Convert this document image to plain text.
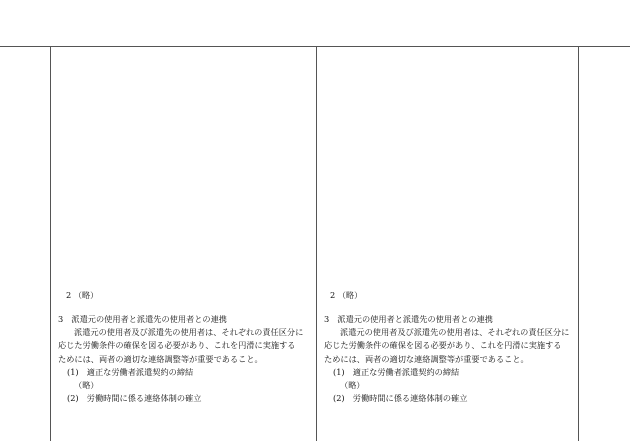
2 （略）
3　派遣元の使用者と派遣先の使用者との連携
派遣元の使用者及び派遣先の使用者は、それぞれの責任区分に
応じた労働条件の確保を図る必要があり、これを円滑に実施する
ためには、両者の適切な連絡調整等が重要であること。
(1)　適正な労働者派遣契約の締結
（略）
(2)　労働時間に係る連絡体制の確立
2 （略）
3　派遣元の使用者と派遣先の使用者との連携
派遣元の使用者及び派遣先の使用者は、それぞれの責任区分に
応じた労働条件の確保を図る必要があり、これを円滑に実施する
ためには、両者の適切な連絡調整等が重要であること。
(1)　適正な労働者派遣契約の締結
（略）
(2)　労働時間に係る連絡体制の確立
